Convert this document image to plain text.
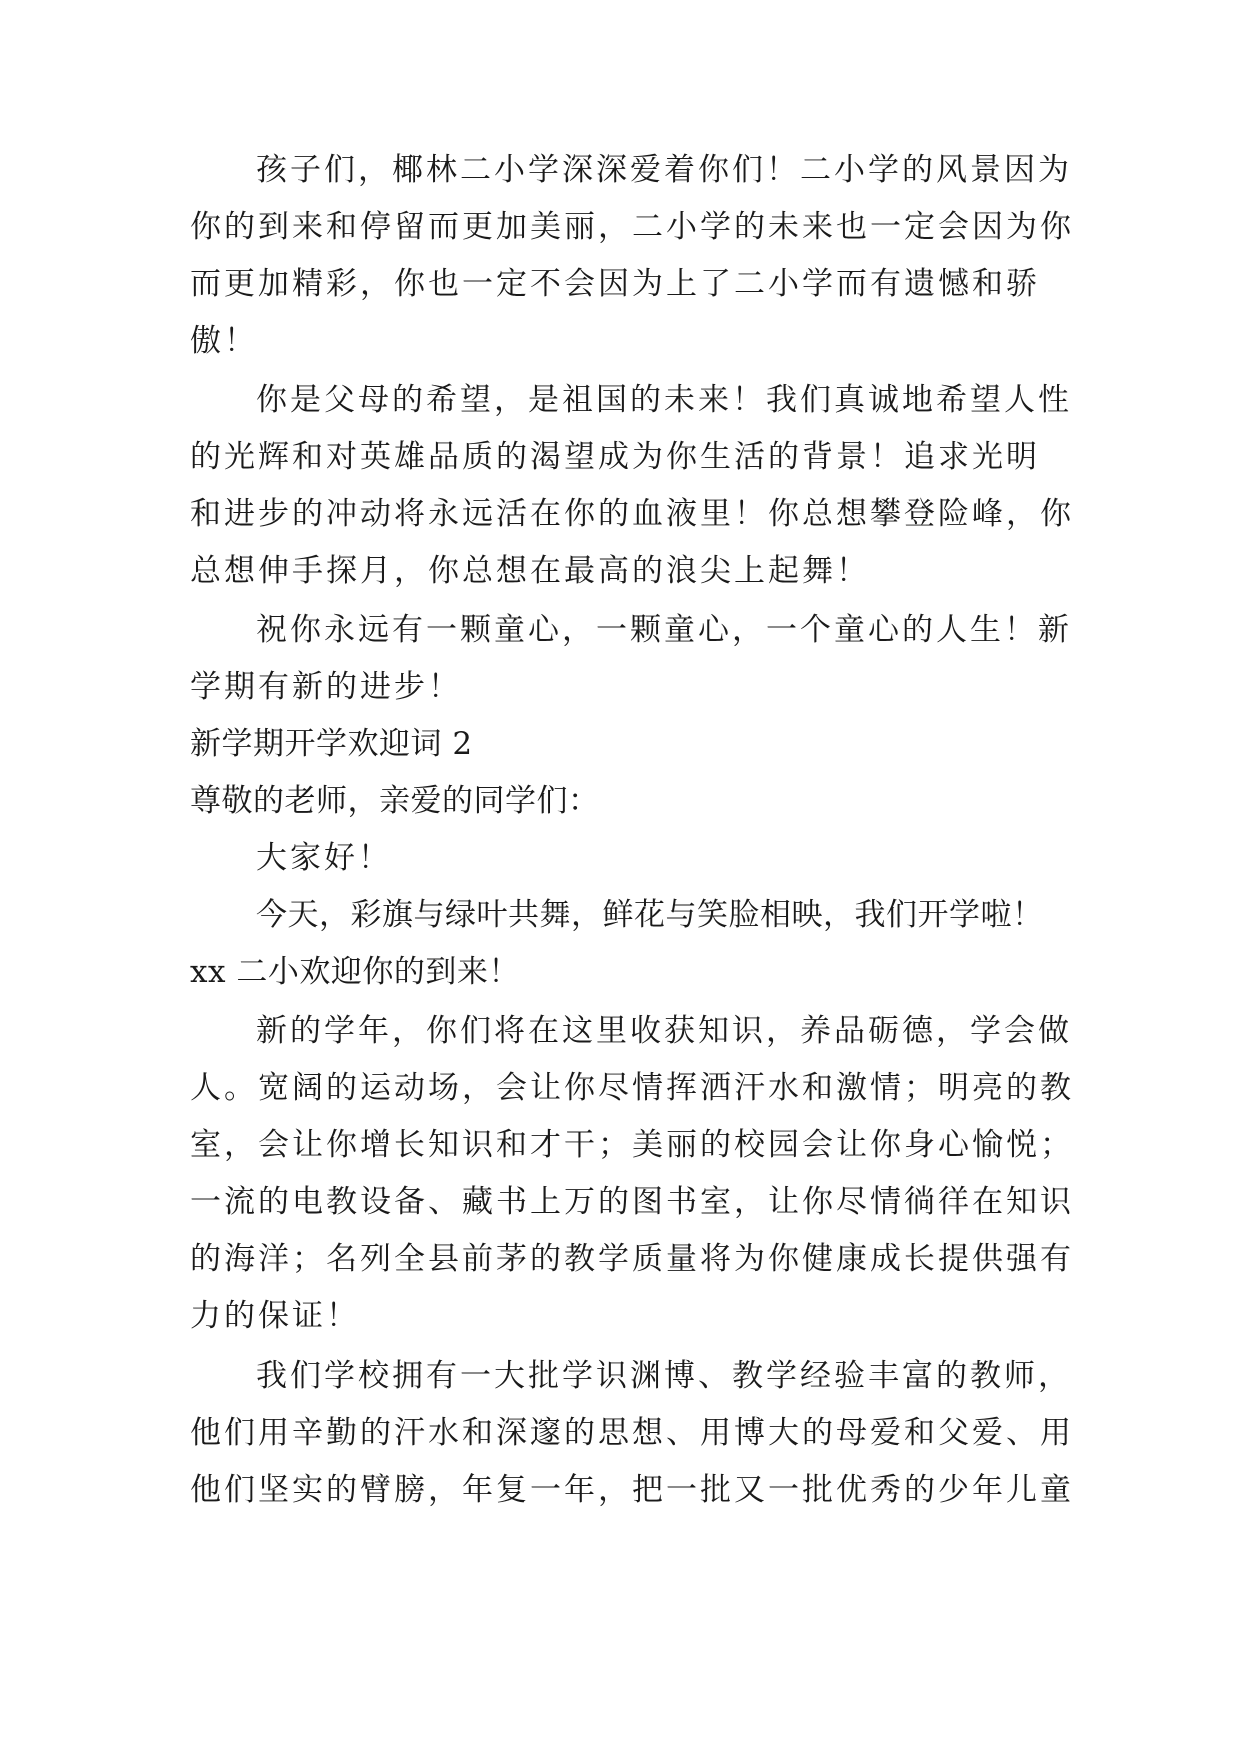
孩子们，椰林二小学深深爱着你们！二小学的风景因为
你的到来和停留而更加美丽，二小学的未来也一定会因为你
而更加精彩，你也一定不会因为上了二小学而有遗憾和骄
傲！
你是父母的希望，是祖国的未来！我们真诚地希望人性
的光辉和对英雄品质的渴望成为你生活的背景！追求光明
和进步的冲动将永远活在你的血液里！你总想攀登险峰，你
总想伸手探月，你总想在最高的浪尖上起舞！
祝你永远有一颗童心，一颗童心，一个童心的人生！新
学期有新的进步！
新学期开学欢迎词 2
尊敬的老师，亲爱的同学们：
大家好！
今天，彩旗与绿叶共舞，鲜花与笑脸相映，我们开学啦！
xx 二小欢迎你的到来！
新的学年，你们将在这里收获知识，养品砺德，学会做
人。宽阔的运动场，会让你尽情挥洒汗水和激情；明亮的教
室，会让你增长知识和才干；美丽的校园会让你身心愉悦；
一流的电教设备、藏书上万的图书室，让你尽情徜徉在知识
的海洋；名列全县前茅的教学质量将为你健康成长提供强有
力的保证！
我们学校拥有一大批学识渊博、教学经验丰富的教师，
他们用辛勤的汗水和深邃的思想、用博大的母爱和父爱、用
他们坚实的臂膀，年复一年，把一批又一批优秀的少年儿童
